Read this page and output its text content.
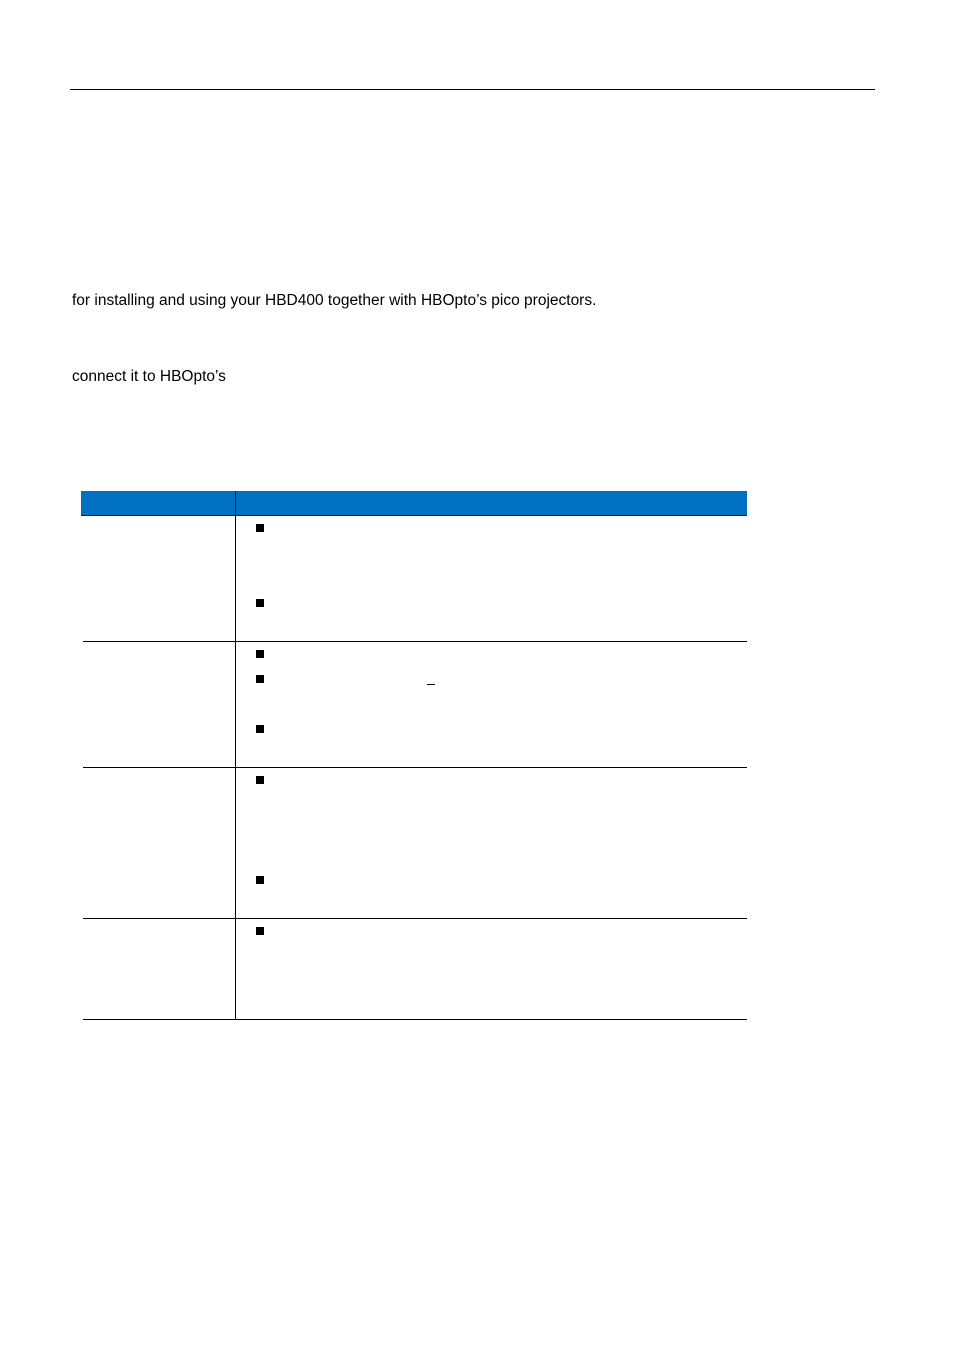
for installing and using your HBD400 together with HBOpto’s pico projectors.
connect it to HBOpto’s
